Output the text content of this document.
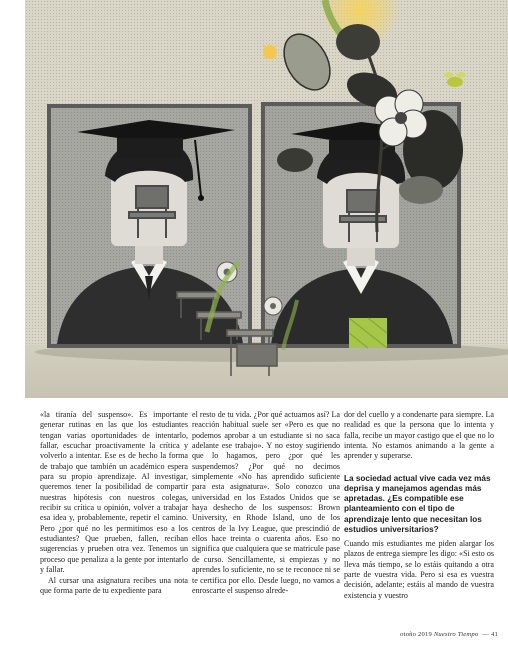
«la tiranía del suspenso». Es importante generar rutinas en las que los estudiantes tengan varias oportunidades de intentarlo, fallar, escuchar proactivamente la crítica y volverlo a intentar. Ese es de hecho la forma de trabajo que también un académico espera para su propio aprendizaje. Al investigar, queremos tener la posibilidad de compartir nuestras hipótesis con nuestros colegas, recibir su crítica u opinión, volver a trabajar esa idea y, probablemente, repetir el camino. Pero ¿por qué no les permitimos eso a los estudiantes? Que prueben, fallen, reciban sugerencias y prueben otra vez. Tenemos un proceso que penaliza a la gente por intentarlo y fallar.

Al cursar una asignatura recibes una nota que forma parte de tu expediente para

el resto de tu vida. ¿Por qué actuamos así? La reacción habitual suele ser «Pero es que no podemos aprobar a un estudiante si no saca adelante ese trabajo». Y no estoy sugiriendo que lo hagamos, pero ¿por qué les suspendemos? ¿Por qué no decimos simplemente «No has aprendido suficiente para esta asignatura». Solo conozco una universidad en los Estados Unidos que se haya deshecho de los suspensos: Brown University, en Rhode Island, uno de los centros de la Ivy League, que prescindió de ellos hace treinta o cuarenta años. Eso no significa que cualquiera que se matricule pase de curso. Sencillamente, si empiezas y no aprendes lo suficiente, no se te reconoce ni se te certifica por ello. Desde luego, no vamos a enroscarte el suspenso alrede-

dor del cuello y a condenarte para siempre. La realidad es que la persona que lo intenta y falla, recibe un mayor castigo que el que no lo intenta. No estamos animando a la gente a aprender y superarse.

La sociedad actual vive cada vez más deprisa y manejamos agendas más apretadas. ¿Es compatible ese planteamiento con el tipo de aprendizaje lento que necesitan los estudios universitarios?

Cuando mis estudiantes me piden alargar los plazos de entrega siempre les digo: «Si esto os lleva más tiempo, se lo estáis quitando a otra parte de vuestra vida. Pero si esa es vuestra decisión, adelante; estáis al mando de vuestra existencia y vuestro

otoño 2019 Nuestro Tiempo — 41
